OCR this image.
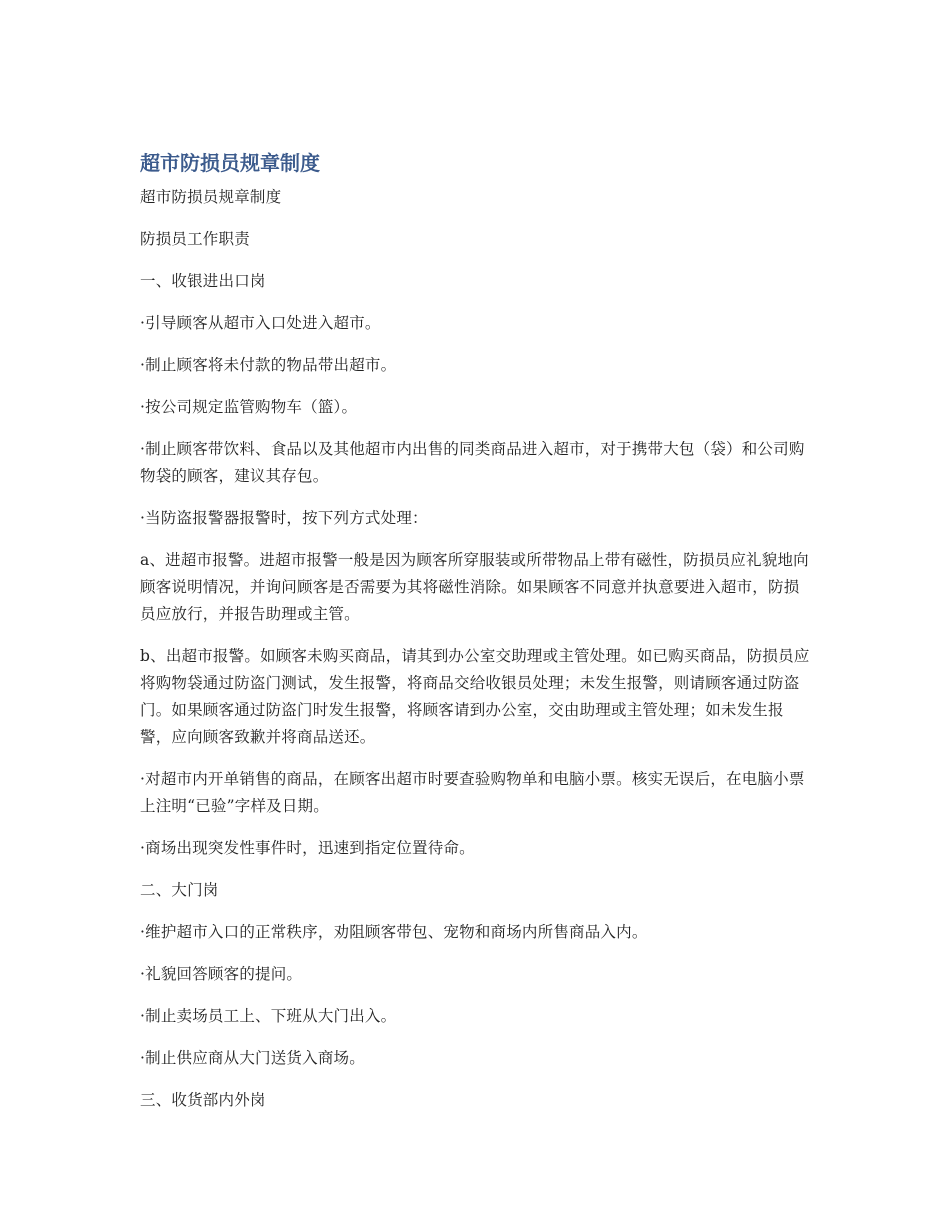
超市防损员规章制度

超市防损员规章制度

防损员工作职责

一、收银进出口岗

·引导顾客从超市入口处进入超市。

·制止顾客将未付款的物品带出超市。

·按公司规定监管购物车（篮）。

·制止顾客带饮料、食品以及其他超市内出售的同类商品进入超市，对于携带大包（袋）和公司购物袋的顾客，建议其存包。

·当防盗报警器报警时，按下列方式处理：

a、进超市报警。进超市报警一般是因为顾客所穿服装或所带物品上带有磁性，防损员应礼貌地向顾客说明情况，并询问顾客是否需要为其将磁性消除。如果顾客不同意并执意要进入超市，防损员应放行，并报告助理或主管。

b、出超市报警。如顾客未购买商品，请其到办公室交助理或主管处理。如已购买商品，防损员应将购物袋通过防盗门测试，发生报警，将商品交给收银员处理；未发生报警，则请顾客通过防盗门。如果顾客通过防盗门时发生报警，将顾客请到办公室，交由助理或主管处理；如未发生报警，应向顾客致歉并将商品送还。

·对超市内开单销售的商品，在顾客出超市时要查验购物单和电脑小票。核实无误后，在电脑小票上注明“已验”字样及日期。

·商场出现突发性事件时，迅速到指定位置待命。

二、大门岗

·维护超市入口的正常秩序，劝阻顾客带包、宠物和商场内所售商品入内。

·礼貌回答顾客的提问。

·制止卖场员工上、下班从大门出入。

·制止供应商从大门送货入商场。

三、收货部内外岗
